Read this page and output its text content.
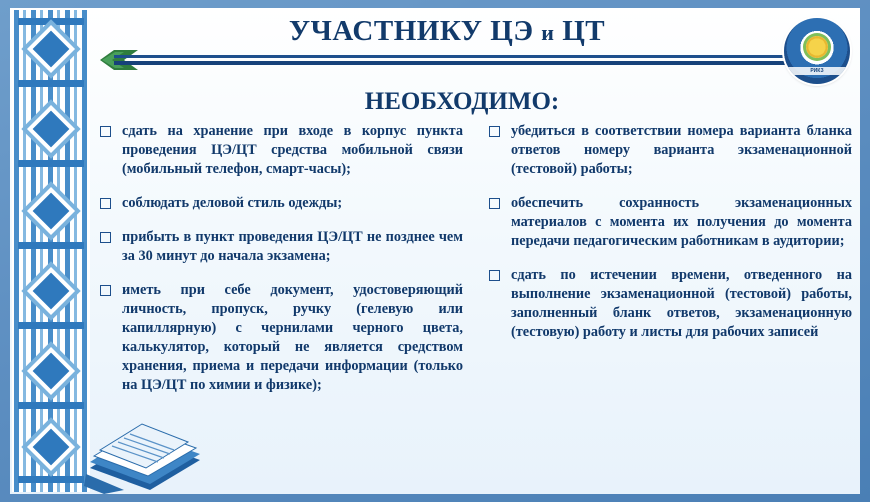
УЧАСТНИКУ ЦЭ и ЦТ
РИКЗ
НЕОБХОДИМО:
сдать на хранение при входе в корпус пункта проведения ЦЭ/ЦТ средства мобильной связи (мобильный телефон, смарт-часы);
соблюдать деловой стиль одежды;
прибыть в пункт проведения ЦЭ/ЦТ не позднее чем за 30 минут до начала экзамена;
иметь при себе документ, удостоверяющий личность, пропуск, ручку (гелевую или капиллярную) с чернилами черного цвета, калькулятор, который не является средством хранения, приема и передачи информации (только на ЦЭ/ЦТ по химии и физике);
убедиться в соответствии номера варианта бланка ответов номеру варианта экзаменационной (тестовой) работы;
обеспечить сохранность экзаменационных материалов с момента их получения до момента передачи педагогическим работникам в аудитории;
сдать по истечении времени, отведенного на выполнение экзаменационной (тестовой) работы, заполненный бланк ответов, экзаменационную (тестовую) работу и листы для рабочих записей
